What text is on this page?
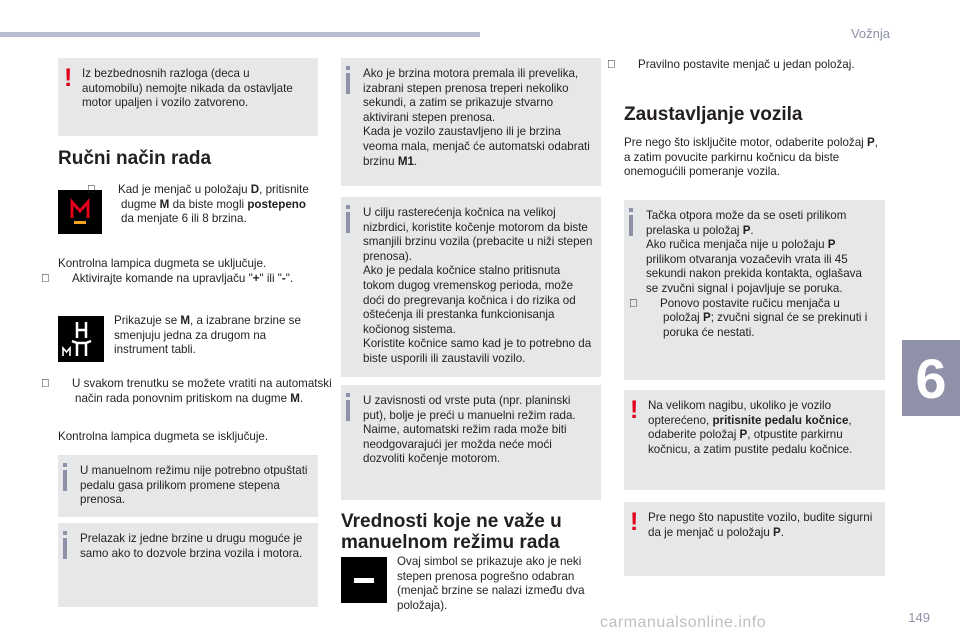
Vožnja
! Iz bezbednosnih razloga (deca u automobilu) nemojte nikada da ostavljate motor upaljen i vozilo zatvoreno.

Ručni način rada

Kad je menjač u položaju D, pritisnite dugme M da biste mogli postepeno da menjate 6 ili 8 brzina.

Kontrolna lampica dugmeta se uključuje.

Aktivirajte komande na upravljaču "+" ili "-".

Prikazuje se M, a izabrane brzine se smenjuju jedna za drugom na instrument tabli.

U svakom trenutku se možete vratiti na automatski način rada ponovnim pritiskom na dugme M.

Kontrolna lampica dugmeta se isključuje.

U manuelnom režimu nije potrebno otpuštati pedalu gasa prilikom promene stepena prenosa.

Prelazak iz jedne brzine u drugu moguće je samo ako to dozvole brzina vozila i motora.

Ako je brzina motora premala ili prevelika, izabrani stepen prenosa treperi nekoliko sekundi, a zatim se prikazuje stvarno aktivirani stepen prenosa.

Kada je vozilo zaustavljeno ili je brzina veoma mala, menjač će automatski odabrati brzinu M1.

U cilju rasterećenja kočnica na velikoj nizbrdici, koristite kočenje motorom da biste smanjili brzinu vozila (prebacite u niži stepen prenosa).

Ako je pedala kočnice stalno pritisnuta tokom dugog vremenskog perioda, može doći do pregrevanja kočnica i do rizika od oštećenja ili prestanka funkcionisanja kočionog sistema.

Koristite kočnice samo kad je to potrebno da biste usporili ili zaustavili vozilo.

U zavisnosti od vrste puta (npr. planinski put), bolje je preći u manuelni režim rada. Naime, automatski režim rada može biti neodgovarajući jer možda neće moći dozvoliti kočenje motorom.

Vrednosti koje ne važe u
manuelnom režimu rada

Ovaj simbol se prikazuje ako je neki stepen prenosa pogrešno odabran (menjač brzine se nalazi između dva položaja).

Pravilno postavite menjač u jedan položaj.

Zaustavljanje vozila

Pre nego što isključite motor, odaberite položaj P, a zatim povucite parkirnu kočnicu da biste onemogućili pomeranje vozila.

Tačka otpora može da se oseti prilikom prelaska u položaj P.

Ako ručica menjača nije u položaju P prilikom otvaranja vozačevih vrata ili 45 sekundi nakon prekida kontakta, oglašava se zvučni signal i pojavljuje se poruka.

Ponovo postavite ručicu menjača u položaj P; zvučni signal će se prekinuti i poruka će nestati.

! Na velikom nagibu, ukoliko je vozilo opterećeno, pritisnite pedalu kočnice, odaberite položaj P, otpustite parkirnu kočnicu, a zatim pustite pedalu kočnice.

! Pre nego što napustite vozilo, budite sigurni da je menjač u položaju P.

6
carmanualsonline.info	149
